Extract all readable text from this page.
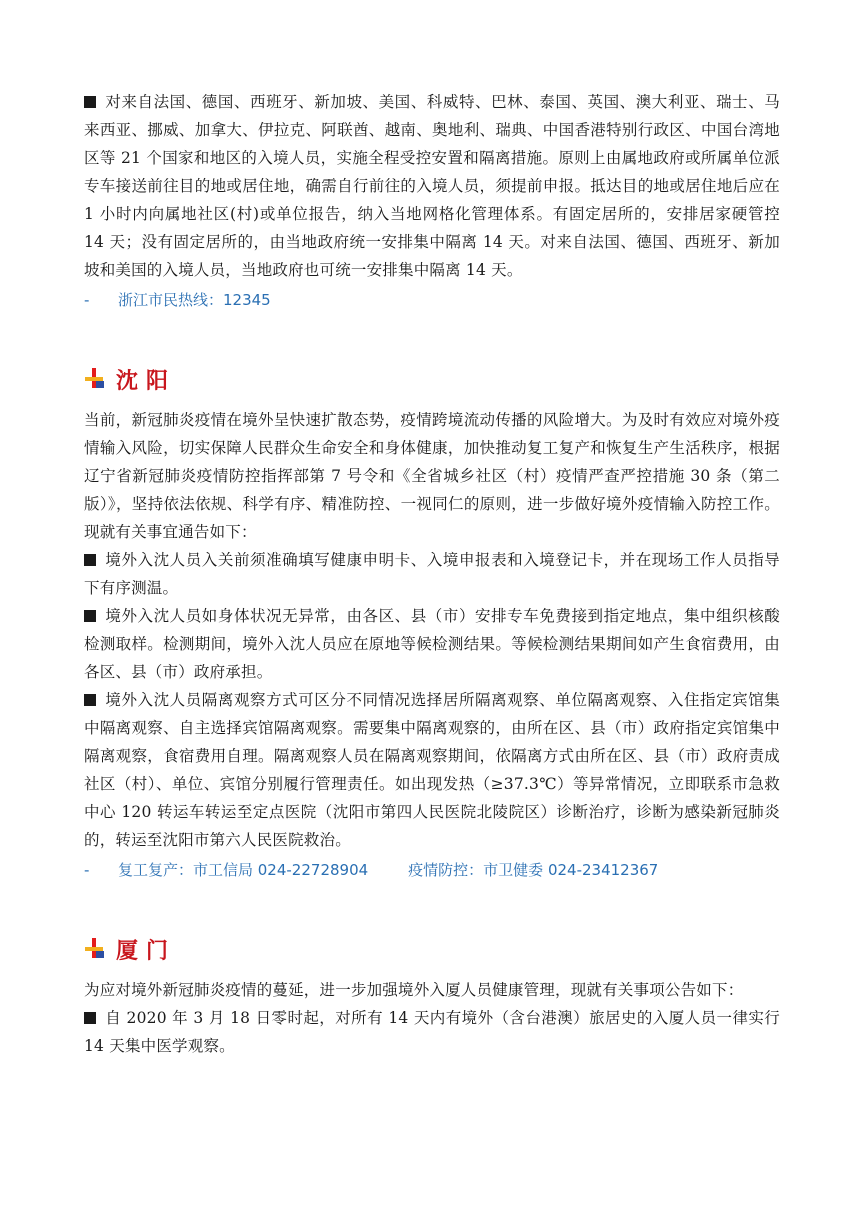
对来自法国、德国、西班牙、新加坡、美国、科威特、巴林、泰国、英国、澳大利亚、瑞士、马来西亚、挪威、加拿大、伊拉克、阿联酋、越南、奥地利、瑞典、中国香港特别行政区、中国台湾地区等 21 个国家和地区的入境人员，实施全程受控安置和隔离措施。原则上由属地政府或所属单位派专车接送前往目的地或居住地，确需自行前往的入境人员，须提前申报。抵达目的地或居住地后应在 1 小时内向属地社区(村)或单位报告，纳入当地网格化管理体系。有固定居所的，安排居家硬管控 14 天；没有固定居所的，由当地政府统一安排集中隔离 14 天。对来自法国、德国、西班牙、新加坡和美国的入境人员，当地政府也可统一安排集中隔离 14 天。

- 浙江市民热线：12345

沈阳

当前，新冠肺炎疫情在境外呈快速扩散态势，疫情跨境流动传播的风险增大。为及时有效应对境外疫情输入风险，切实保障人民群众生命安全和身体健康，加快推动复工复产和恢复生产生活秩序，根据辽宁省新冠肺炎疫情防控指挥部第 7 号令和《全省城乡社区（村）疫情严查严控措施 30 条（第二版）》，坚持依法依规、科学有序、精准防控、一视同仁的原则，进一步做好境外疫情输入防控工作。现就有关事宜通告如下：

境外入沈人员入关前须准确填写健康申明卡、入境申报表和入境登记卡，并在现场工作人员指导下有序测温。

境外入沈人员如身体状况无异常，由各区、县（市）安排专车免费接到指定地点，集中组织核酸检测取样。检测期间，境外入沈人员应在原地等候检测结果。等候检测结果期间如产生食宿费用，由各区、县（市）政府承担。

境外入沈人员隔离观察方式可区分不同情况选择居所隔离观察、单位隔离观察、入住指定宾馆集中隔离观察、自主选择宾馆隔离观察。需要集中隔离观察的，由所在区、县（市）政府指定宾馆集中隔离观察，食宿费用自理。隔离观察人员在隔离观察期间，依隔离方式由所在区、县（市）政府责成社区（村）、单位、宾馆分别履行管理责任。如出现发热（≥37.3℃）等异常情况，立即联系市急救中心 120 转运车转运至定点医院（沈阳市第四人民医院北陵院区）诊断治疗，诊断为感染新冠肺炎的，转运至沈阳市第六人民医院救治。

- 复工复产：市工信局 024-22728904	疫情防控：市卫健委 024-23412367

厦门

为应对境外新冠肺炎疫情的蔓延，进一步加强境外入厦人员健康管理，现就有关事项公告如下：

自 2020 年 3 月 18 日零时起，对所有 14 天内有境外（含台港澳）旅居史的入厦人员一律实行 14 天集中医学观察。
